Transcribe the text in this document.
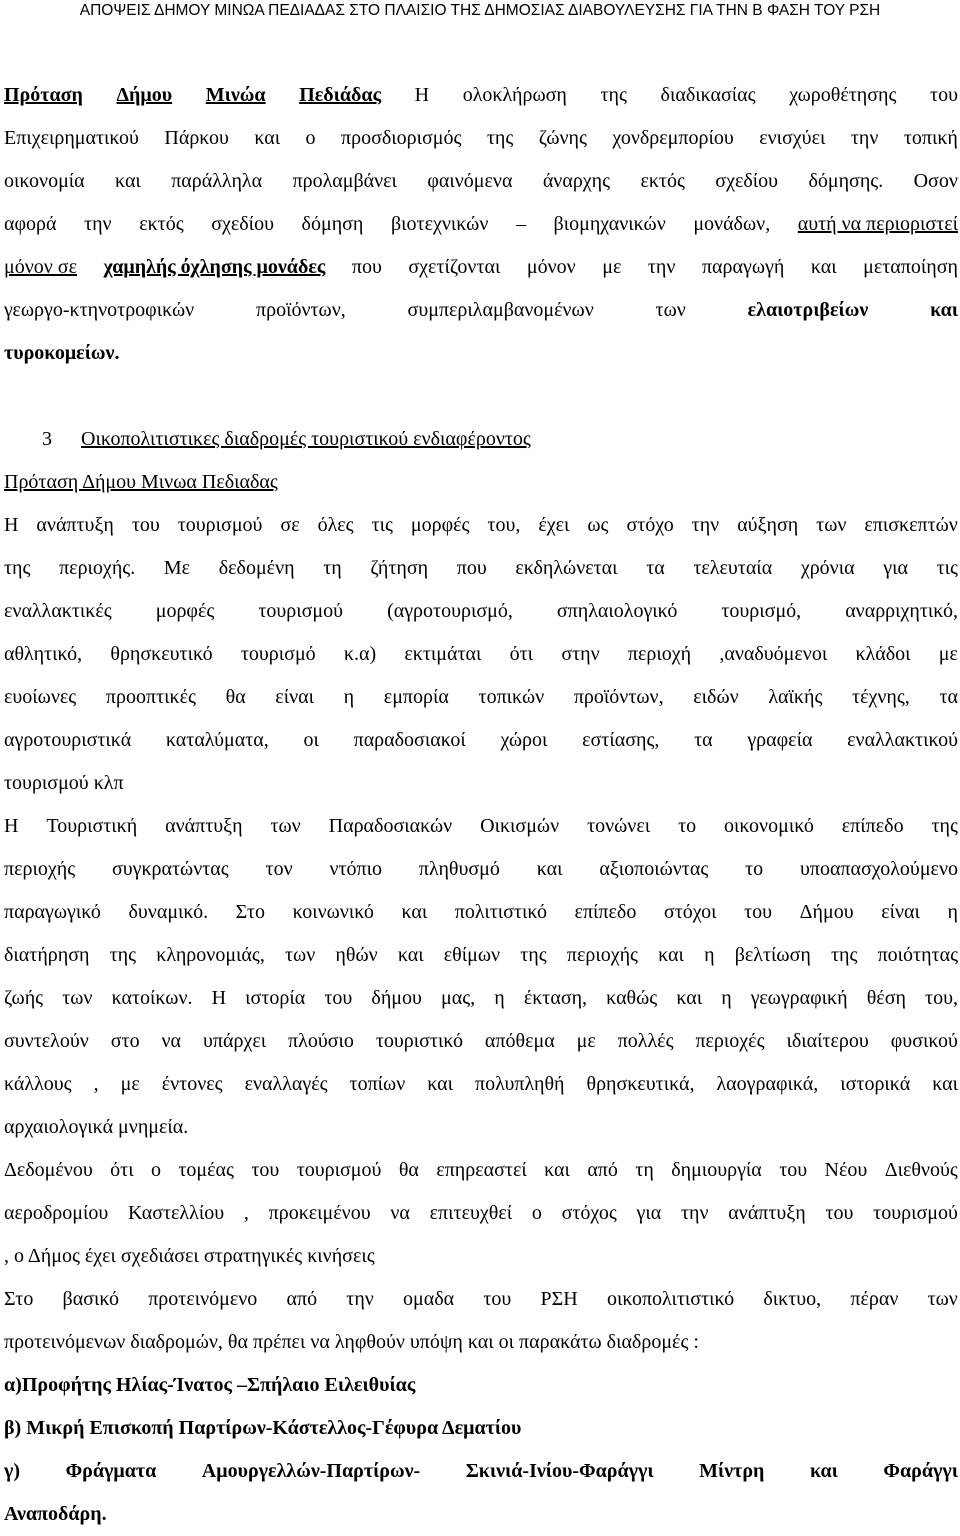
ΑΠΟΨΕΙΣ ΔΗΜΟΥ ΜΙΝΩΑ ΠΕΔΙΑΔΑΣ ΣΤΟ ΠΛΑΙΣΙΟ ΤΗΣ ΔΗΜΟΣΙΑΣ ΔΙΑΒΟΥΛΕΥΣΗΣ ΓΙΑ ΤΗΝ Β ΦΑΣΗ ΤΟΥ ΡΣΗ
Πρόταση Δήμου Μινώα Πεδιάδας Η ολοκλήρωση της διαδικασίας χωροθέτησης του
Επιχειρηματικού Πάρκου και ο προσδιορισμός της ζώνης χονδρεμπορίου ενισχύει την τοπική
οικονομία και παράλληλα προλαμβάνει φαινόμενα άναρχης εκτός σχεδίου δόμησης. Οσον
αφορά την εκτός σχεδίου δόμηση βιοτεχνικών – βιομηχανικών μονάδων, αυτή να περιοριστεί
μόνον σε χαμηλής όχλησης μονάδες που σχετίζονται μόνον με την παραγωγή και μεταποίηση
γεωργο-κτηνοτροφικών	προϊόντων,	συμπεριλαμβανομένων	των	ελαιοτριβείων	και
τυροκομείων.
3 Οικοπολιτιστικες διαδρομές τουριστικού ενδιαφέροντος
Πρόταση Δήμου Μινωα Πεδιαδας
Η ανάπτυξη του τουρισμού σε όλες τις μορφές του, έχει ως στόχο την αύξηση των επισκεπτών
της περιοχής. Με δεδομένη τη ζήτηση που εκδηλώνεται τα τελευταία χρόνια για τις
εναλλακτικές μορφές τουρισμού (αγροτουρισμό, σπηλαιολογικό τουρισμό, αναρριχητικό,
αθλητικό, θρησκευτικό τουρισμό κ.α) εκτιμάται ότι στην περιοχή ,αναδυόμενοι κλάδοι με
ευοίωνες προοπτικές θα είναι η εμπορία τοπικών προϊόντων, ειδών λαϊκής τέχνης, τα
αγροτουριστικά καταλύματα, οι παραδοσιακοί χώροι εστίασης, τα γραφεία εναλλακτικού
τουρισμού κλπ
Η Τουριστική ανάπτυξη των Παραδοσιακών Οικισμών τονώνει το οικονομικό επίπεδο της
περιοχής συγκρατώντας τον ντόπιο πληθυσμό και αξιοποιώντας το υποαπασχολούμενο
παραγωγικό δυναμικό. Στο κοινωνικό και πολιτιστικό επίπεδο στόχοι του Δήμου είναι η
διατήρηση της κληρονομιάς, των ηθών και εθίμων της περιοχής και η βελτίωση της ποιότητας
ζωής των κατοίκων. Η ιστορία του δήμου μας, η έκταση, καθώς και η γεωγραφική θέση του,
συντελούν στο να υπάρχει πλούσιο τουριστικό απόθεμα με πολλές περιοχές ιδιαίτερου φυσικού
κάλλους , με έντονες εναλλαγές τοπίων και πολυπληθή θρησκευτικά, λαογραφικά, ιστορικά και
αρχαιολογικά μνημεία.
Δεδομένου ότι ο τομέας του τουρισμού θα επηρεαστεί και από τη δημιουργία του Νέου Διεθνούς
αεροδρομίου Καστελλίου , προκειμένου να επιτευχθεί ο στόχος για την ανάπτυξη του τουρισμού
, ο Δήμος έχει σχεδιάσει στρατηγικές κινήσεις
Στο βασικό προτεινόμενο από την ομαδα του ΡΣΗ οικοπολιτιστικό δικτυο, πέραν των
προτεινόμενων διαδρομών, θα πρέπει να ληφθούν υπόψη και οι παρακάτω διαδρομές :
α)Προφήτης Ηλίας-Ίνατος –Σπήλαιο Ειλειθυίας
β) Μικρή Επισκοπή Παρτίρων-Κάστελλος-Γέφυρα Δεματίου
γ) Φράγματα Αμουργελλών-Παρτίρων- Σκινιά-Ινίου-Φαράγγι Μίντρη και Φαράγγι
Αναποδάρη.
